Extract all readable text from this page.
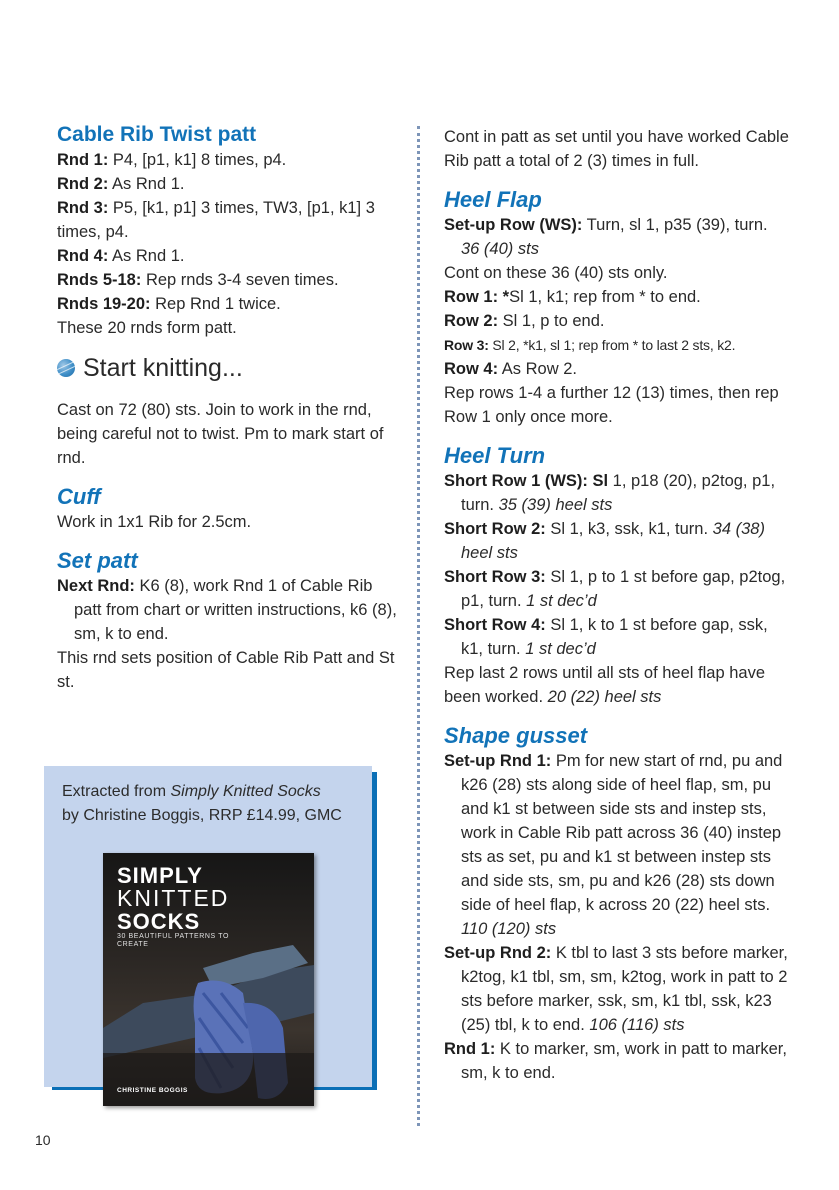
Cable Rib Twist patt

Rnd 1: P4, [p1, k1] 8 times, p4.

Rnd 2: As Rnd 1.

Rnd 3: P5, [k1, p1] 3 times, TW3, [p1, k1] 3 times, p4.

Rnd 4: As Rnd 1.

Rnds 5-18: Rep rnds 3-4 seven times.

Rnds 19-20: Rep Rnd 1 twice.

These 20 rnds form patt.

Start knitting...

Cast on 72 (80) sts. Join to work in the rnd, being careful not to twist. Pm to mark start of rnd.

Cuff

Work in 1x1 Rib for 2.5cm.

Set patt

Next Rnd: K6 (8), work Rnd 1 of Cable Rib patt from chart or written instructions, k6 (8), sm, k to end.

This rnd sets position of Cable Rib Patt and St st.

Extracted from Simply Knitted Socks

by Christine Boggis, RRP £14.99, GMC

SIMPLY
KNITTED
SOCKS
30 BEAUTIFUL PATTERNS TO CREATE
CHRISTINE BOGGIS

Cont in patt as set until you have worked Cable Rib patt a total of 2 (3) times in full.

Heel Flap

Set-up Row (WS): Turn, sl 1, p35 (39), turn.

36 (40) sts

Cont on these 36 (40) sts only.

Row 1: *Sl 1, k1; rep from * to end.

Row 2: Sl 1, p to end.

Row 3: Sl 2, *k1, sl 1; rep from * to last 2 sts, k2.

Row 4: As Row 2.

Rep rows 1-4 a further 12 (13) times, then rep Row 1 only once more.

Heel Turn

Short Row 1 (WS): Sl 1, p18 (20), p2tog, p1, turn. 35 (39) heel sts

Short Row 2: Sl 1, k3, ssk, k1, turn. 34 (38) heel sts

Short Row 3: Sl 1, p to 1 st before gap, p2tog, p1, turn. 1 st dec’d

Short Row 4: Sl 1, k to 1 st before gap, ssk, k1, turn. 1 st dec’d

Rep last 2 rows until all sts of heel flap have been worked. 20 (22) heel sts

Shape gusset

Set-up Rnd 1: Pm for new start of rnd, pu and k26 (28) sts along side of heel flap, sm, pu and k1 st between side sts and instep sts, work in Cable Rib patt across 36 (40) instep sts as set, pu and k1 st between instep sts and side sts, sm, pu and k26 (28) sts down side of heel flap, k across 20 (22) heel sts. 110 (120) sts

Set-up Rnd 2: K tbl to last 3 sts before marker, k2tog, k1 tbl, sm, sm, k2tog, work in patt to 2 sts before marker, ssk, sm, k1 tbl, ssk, k23 (25) tbl, k to end. 106 (116) sts

Rnd 1: K to marker, sm, work in patt to marker, sm, k to end.

10
